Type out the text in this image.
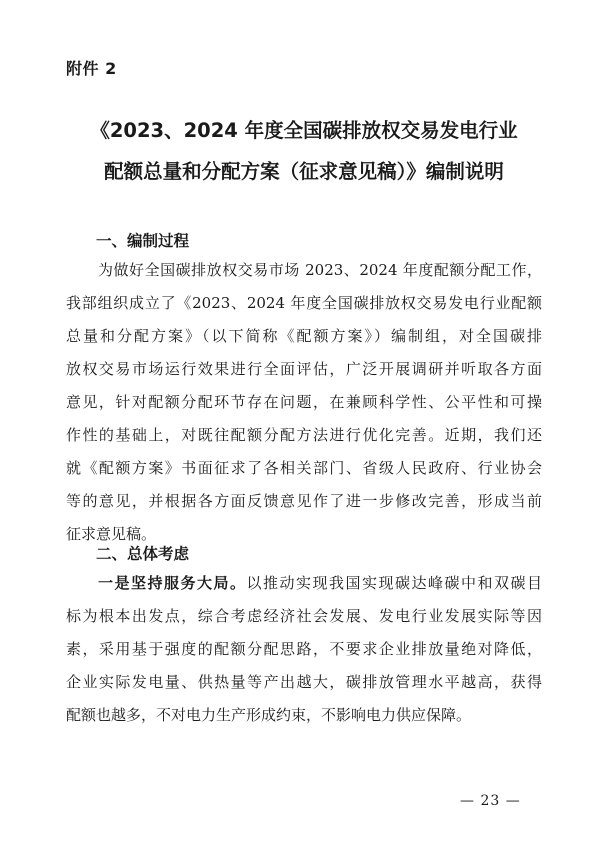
附件 2
《2023、2024 年度全国碳排放权交易发电行业
配额总量和分配方案（征求意见稿）》编制说明
一、编制过程
为做好全国碳排放权交易市场 2023、2024 年度配额分配工作，
我部组织成立了《2023、2024 年度全国碳排放权交易发电行业配额
总量和分配方案》（以下简称《配额方案》）编制组，对全国碳排
放权交易市场运行效果进行全面评估，广泛开展调研并听取各方面
意见，针对配额分配环节存在问题，在兼顾科学性、公平性和可操
作性的基础上，对既往配额分配方法进行优化完善。近期，我们还
就《配额方案》书面征求了各相关部门、省级人民政府、行业协会
等的意见，并根据各方面反馈意见作了进一步修改完善，形成当前
征求意见稿。
二、总体考虑
一是坚持服务大局。以推动实现我国实现碳达峰碳中和双碳目
标为根本出发点，综合考虑经济社会发展、发电行业发展实际等因
素，采用基于强度的配额分配思路，不要求企业排放量绝对降低，
企业实际发电量、供热量等产出越大，碳排放管理水平越高，获得
配额也越多，不对电力生产形成约束，不影响电力供应保障。
— 23 —
